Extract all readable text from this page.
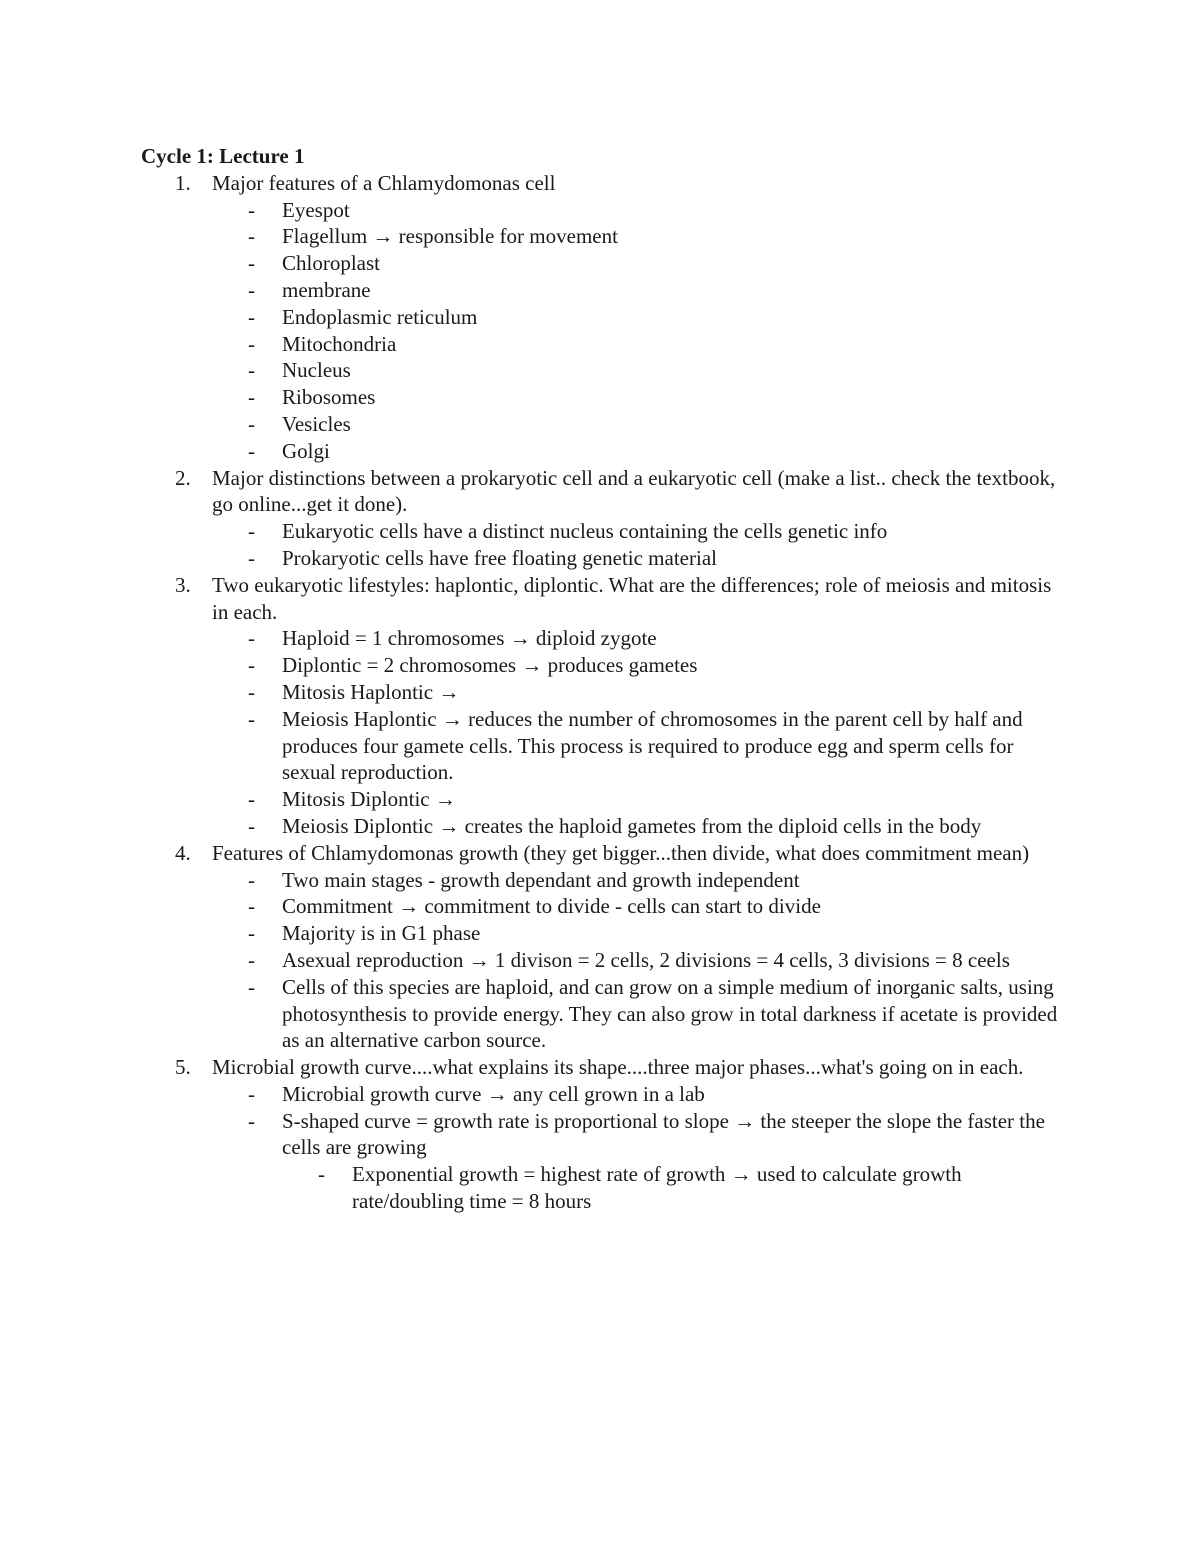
Cycle 1: Lecture 1
1. Major features of a Chlamydomonas cell
- Eyespot
- Flagellum → responsible for movement
- Chloroplast
- membrane
- Endoplasmic reticulum
- Mitochondria
- Nucleus
- Ribosomes
- Vesicles
- Golgi
2. Major distinctions between a prokaryotic cell and a eukaryotic cell (make a list.. check the textbook, go online...get it done).
- Eukaryotic cells have a distinct nucleus containing the cells genetic info
- Prokaryotic cells have free floating genetic material
3. Two eukaryotic lifestyles: haplontic, diplontic. What are the differences; role of meiosis and mitosis in each.
- Haploid = 1 chromosomes → diploid zygote
- Diplontic = 2 chromosomes → produces gametes
- Mitosis Haplontic →
- Meiosis Haplontic → reduces the number of chromosomes in the parent cell by half and produces four gamete cells. This process is required to produce egg and sperm cells for sexual reproduction.
- Mitosis Diplontic →
- Meiosis Diplontic → creates the haploid gametes from the diploid cells in the body
4. Features of Chlamydomonas growth (they get bigger...then divide, what does commitment mean)
- Two main stages - growth dependant and growth independent
- Commitment → commitment to divide - cells can start to divide
- Majority is in G1 phase
- Asexual reproduction → 1 divison = 2 cells, 2 divisions = 4 cells, 3 divisions = 8 ceels
- Cells of this species are haploid, and can grow on a simple medium of inorganic salts, using photosynthesis to provide energy. They can also grow in total darkness if acetate is provided as an alternative carbon source.
5. Microbial growth curve....what explains its shape....three major phases...what's going on in each.
- Microbial growth curve → any cell grown in a lab
- S-shaped curve = growth rate is proportional to slope → the steeper the slope the faster the cells are growing
- Exponential growth = highest rate of growth → used to calculate growth rate/doubling time = 8 hours
